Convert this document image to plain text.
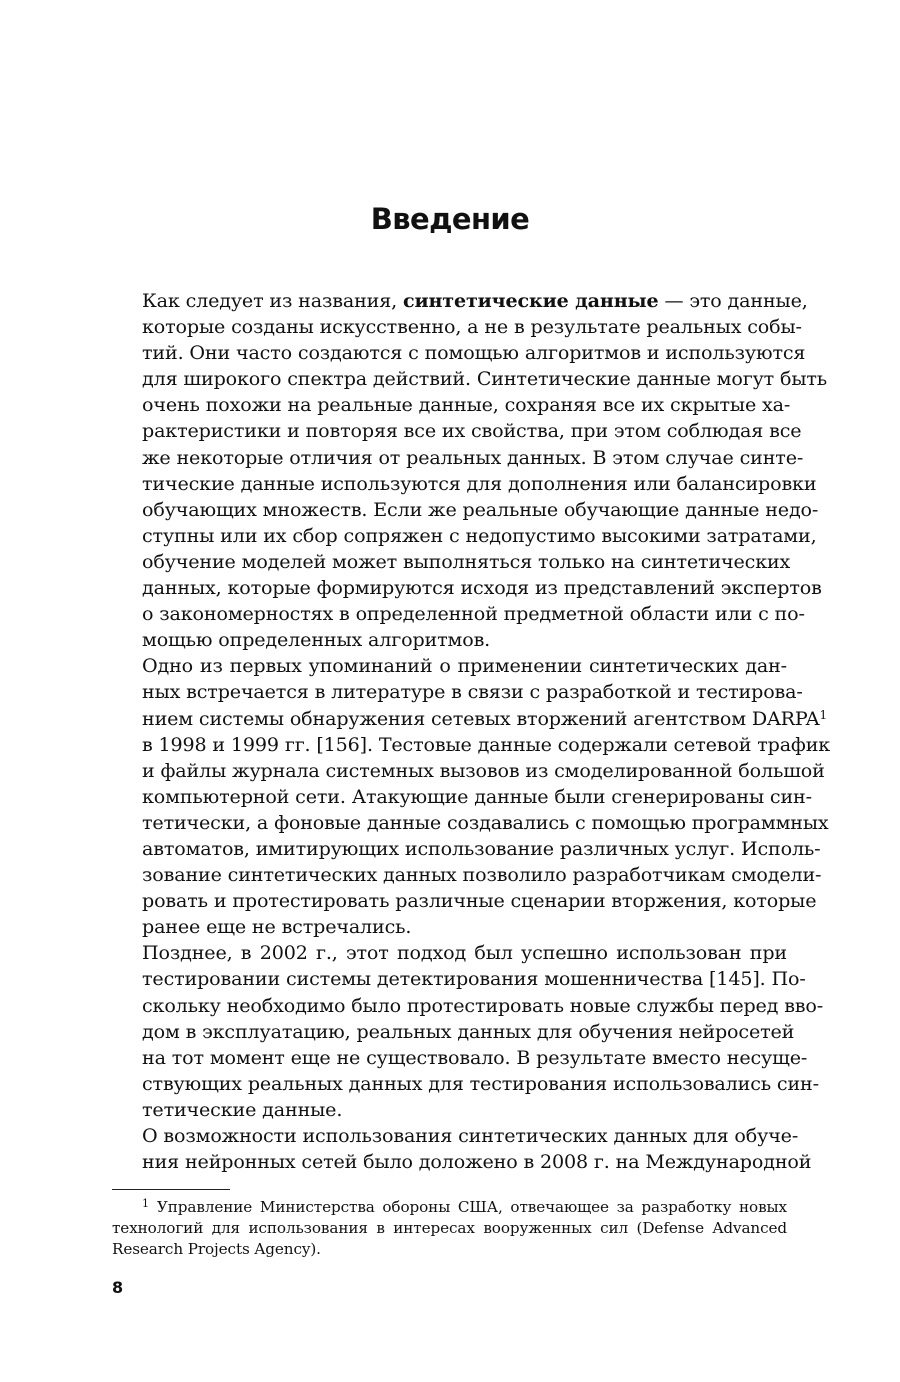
Введение

Как следует из названия, синтетические данные — это данные,
которые созданы искусственно, а не в результате реальных собы-
тий. Они часто создаются с помощью алгоритмов и используются
для широкого спектра действий. Синтетические данные могут быть
очень похожи на реальные данные, сохраняя все их скрытые ха-
рактеристики и повторяя все их свойства, при этом соблюдая все
же некоторые отличия от реальных данных. В этом случае синте-
тические данные используются для дополнения или балансировки
обучающих множеств. Если же реальные обучающие данные недо-
ступны или их сбор сопряжен с недопустимо высокими затратами,
обучение моделей может выполняться только на синтетических
данных, которые формируются исходя из представлений экспертов
о закономерностях в определенной предметной области или с по-
мощью определенных алгоритмов.

Одно из первых упоминаний о применении синтетических дан-
ных встречается в литературе в связи с разработкой и тестирова-
нием системы обнаружения сетевых вторжений агентством DARPA$^1$
в 1998 и 1999 гг. [156]. Тестовые данные содержали сетевой трафик
и файлы журнала системных вызовов из смоделированной большой
компьютерной сети. Атакующие данные были сгенерированы син-
тетически, а фоновые данные создавались с помощью программных
автоматов, имитирующих использование различных услуг. Исполь-
зование синтетических данных позволило разработчикам смодели-
ровать и протестировать различные сценарии вторжения, которые
ранее еще не встречались.

Позднее, в 2002 г., этот подход был успешно использован при
тестировании системы детектирования мошенничества [145]. По-
скольку необходимо было протестировать новые службы перед вво-
дом в эксплуатацию, реальных данных для обучения нейросетей
на тот момент еще не существовало. В результате вместо несуще-
ствующих реальных данных для тестирования использовались син-
тетические данные.

О возможности использования синтетических данных для обуче-
ния нейронных сетей было доложено в 2008 г. на Международной

$^1$ Управление Министерства обороны США, отвечающее за разработку новых
технологий для использования в интересах вооруженных сил (Defense Advanced
Research Projects Agency).
8
